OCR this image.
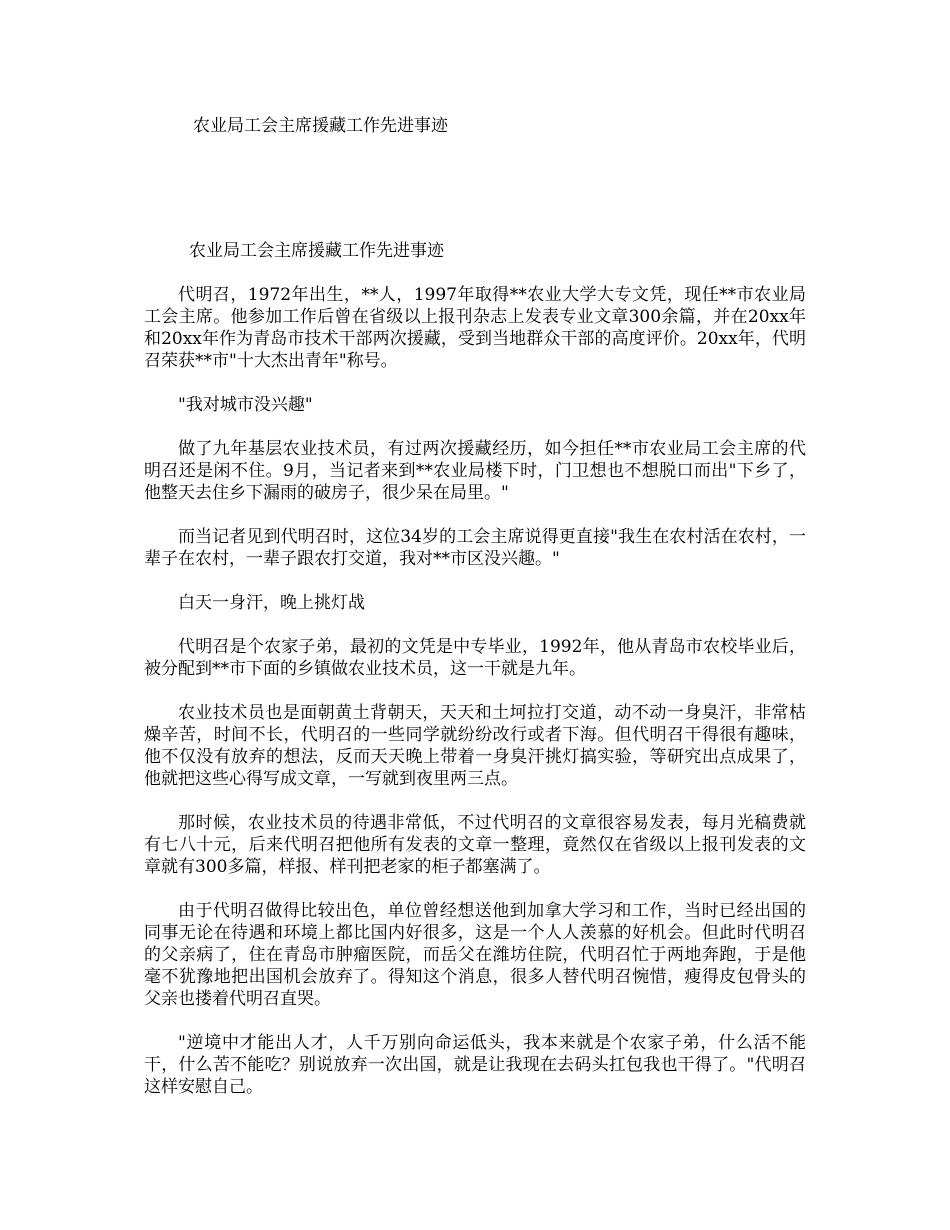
农业局工会主席援藏工作先进事迹
农业局工会主席援藏工作先进事迹

代明召，1972年出生，**人，1997年取得**农业大学大专文凭，现任**市农业局工会主席。他参加工作后曾在省级以上报刊杂志上发表专业文章300余篇，并在20xx年和20xx年作为青岛市技术干部两次援藏，受到当地群众干部的高度评价。20xx年，代明召荣获**市"十大杰出青年"称号。

"我对城市没兴趣"

做了九年基层农业技术员，有过两次援藏经历，如今担任**市农业局工会主席的代明召还是闲不住。9月，当记者来到**农业局楼下时，门卫想也不想脱口而出"下乡了，他整天去住乡下漏雨的破房子，很少呆在局里。"

而当记者见到代明召时，这位34岁的工会主席说得更直接"我生在农村活在农村，一辈子在农村，一辈子跟农打交道，我对**市区没兴趣。"

白天一身汗，晚上挑灯战

代明召是个农家子弟，最初的文凭是中专毕业，1992年，他从青岛市农校毕业后，被分配到**市下面的乡镇做农业技术员，这一干就是九年。

农业技术员也是面朝黄土背朝天，天天和土坷拉打交道，动不动一身臭汗，非常枯燥辛苦，时间不长，代明召的一些同学就纷纷改行或者下海。但代明召干得很有趣味，他不仅没有放弃的想法，反而天天晚上带着一身臭汗挑灯搞实验，等研究出点成果了，他就把这些心得写成文章，一写就到夜里两三点。

那时候，农业技术员的待遇非常低，不过代明召的文章很容易发表，每月光稿费就有七八十元，后来代明召把他所有发表的文章一整理，竟然仅在省级以上报刊发表的文章就有300多篇，样报、样刊把老家的柜子都塞满了。

由于代明召做得比较出色，单位曾经想送他到加拿大学习和工作，当时已经出国的同事无论在待遇和环境上都比国内好很多，这是一个人人羡慕的好机会。但此时代明召的父亲病了，住在青岛市肿瘤医院，而岳父在潍坊住院，代明召忙于两地奔跑，于是他毫不犹豫地把出国机会放弃了。得知这个消息，很多人替代明召惋惜，瘦得皮包骨头的父亲也搂着代明召直哭。

"逆境中才能出人才，人千万别向命运低头，我本来就是个农家子弟，什么活不能干，什么苦不能吃？别说放弃一次出国，就是让我现在去码头扛包我也干得了。"代明召这样安慰自己。
